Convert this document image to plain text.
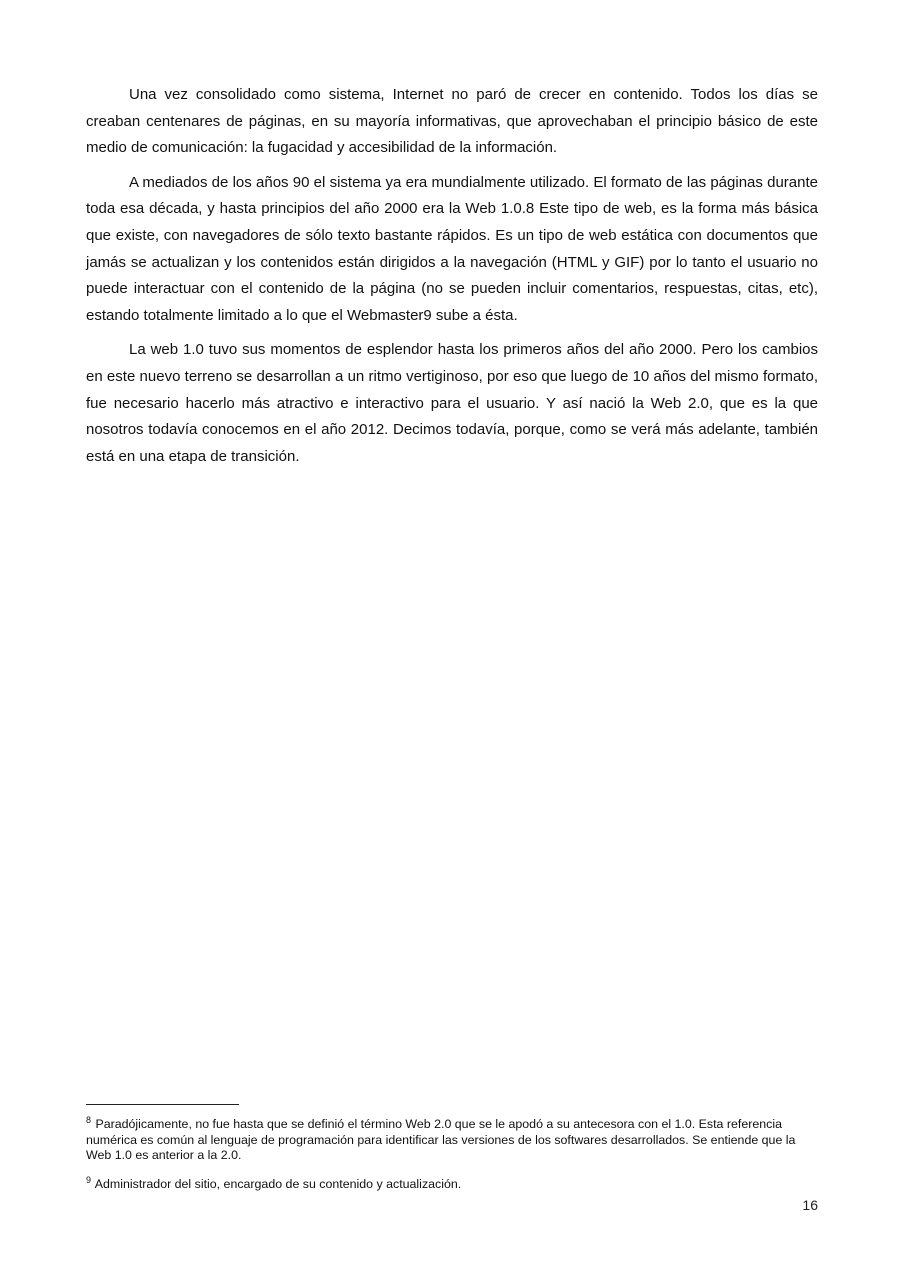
Una vez consolidado como sistema, Internet no paró de crecer en contenido. Todos los días se creaban centenares de páginas, en su mayoría informativas, que aprovechaban el principio básico de este medio de comunicación: la fugacidad y accesibilidad de la información.

A mediados de los años 90 el sistema ya era mundialmente utilizado. El formato de las páginas durante toda esa década, y hasta principios del año 2000 era la Web 1.0.8 Este tipo de web, es la forma más básica que existe, con navegadores de sólo texto bastante rápidos. Es un tipo de web estática con documentos que jamás se actualizan y los contenidos están dirigidos a la navegación (HTML y GIF) por lo tanto el usuario no puede interactuar con el contenido de la página (no se pueden incluir comentarios, respuestas, citas, etc), estando totalmente limitado a lo que el Webmaster9 sube a ésta.

La web 1.0 tuvo sus momentos de esplendor hasta los primeros años del año 2000. Pero los cambios en este nuevo terreno se desarrollan a un ritmo vertiginoso, por eso que luego de 10 años del mismo formato, fue necesario hacerlo más atractivo e interactivo para el usuario. Y así nació la Web 2.0, que es la que nosotros todavía conocemos en el año 2012. Decimos todavía, porque, como se verá más adelante, también está en una etapa de transición.

$^8$ Paradójicamente, no fue hasta que se definió el término Web 2.0 que se le apodó a su antecesora con el 1.0. Esta referencia numérica es común al lenguaje de programación para identificar las versiones de los softwares desarrollados. Se entiende que la Web 1.0 es anterior a la 2.0.

$^9$ Administrador del sitio, encargado de su contenido y actualización.

16
